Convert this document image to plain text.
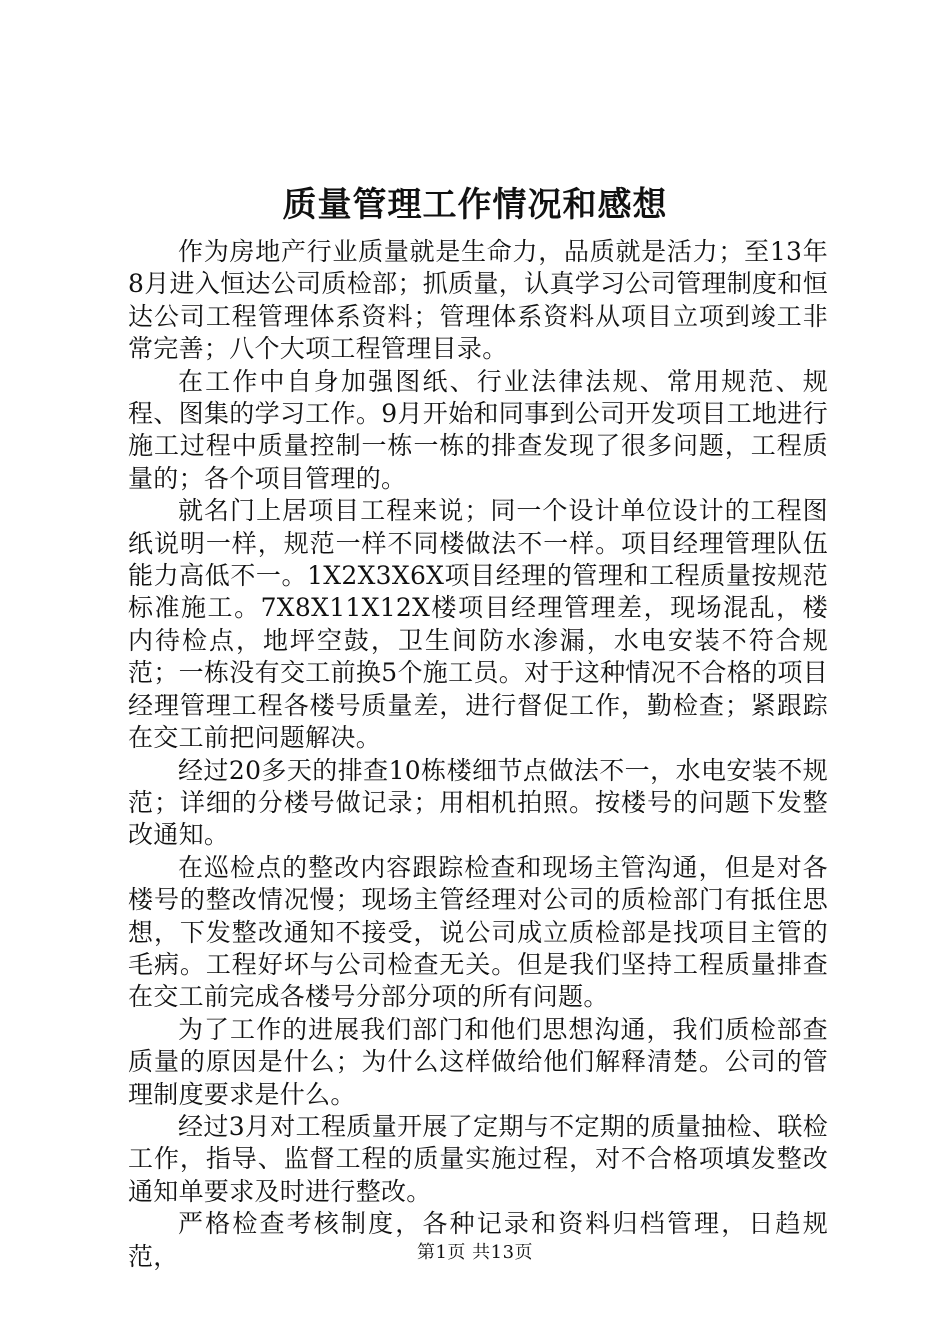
质量管理工作情况和感想

作为房地产行业质量就是生命力，品质就是活力；至13年8月进入恒达公司质检部；抓质量，认真学习公司管理制度和恒达公司工程管理体系资料；管理体系资料从项目立项到竣工非常完善；八个大项工程管理目录。

在工作中自身加强图纸、行业法律法规、常用规范、规程、图集的学习工作。9月开始和同事到公司开发项目工地进行施工过程中质量控制一栋一栋的排查发现了很多问题，工程质量的；各个项目管理的。

就名门上居项目工程来说；同一个设计单位设计的工程图纸说明一样，规范一样不同楼做法不一样。项目经理管理队伍能力高低不一。1X2X3X6X项目经理的管理和工程质量按规范标准施工。7X8X11X12X楼项目经理管理差，现场混乱，楼内待检点，地坪空鼓，卫生间防水渗漏，水电安装不符合规范；一栋没有交工前换5个施工员。对于这种情况不合格的项目经理管理工程各楼号质量差，进行督促工作，勤检查；紧跟踪在交工前把问题解决。

经过20多天的排查10栋楼细节点做法不一，水电安装不规范；详细的分楼号做记录；用相机拍照。按楼号的问题下发整改通知。

在巡检点的整改内容跟踪检查和现场主管沟通，但是对各楼号的整改情况慢；现场主管经理对公司的质检部门有抵住思想，下发整改通知不接受，说公司成立质检部是找项目主管的毛病。工程好坏与公司检查无关。但是我们坚持工程质量排查在交工前完成各楼号分部分项的所有问题。

为了工作的进展我们部门和他们思想沟通，我们质检部查质量的原因是什么；为什么这样做给他们解释清楚。公司的管理制度要求是什么。

经过3月对工程质量开展了定期与不定期的质量抽检、联检工作，指导、监督工程的质量实施过程，对不合格项填发整改通知单要求及时进行整改。

严格检查考核制度，各种记录和资料归档管理，日趋规范，	第1页 共13页
